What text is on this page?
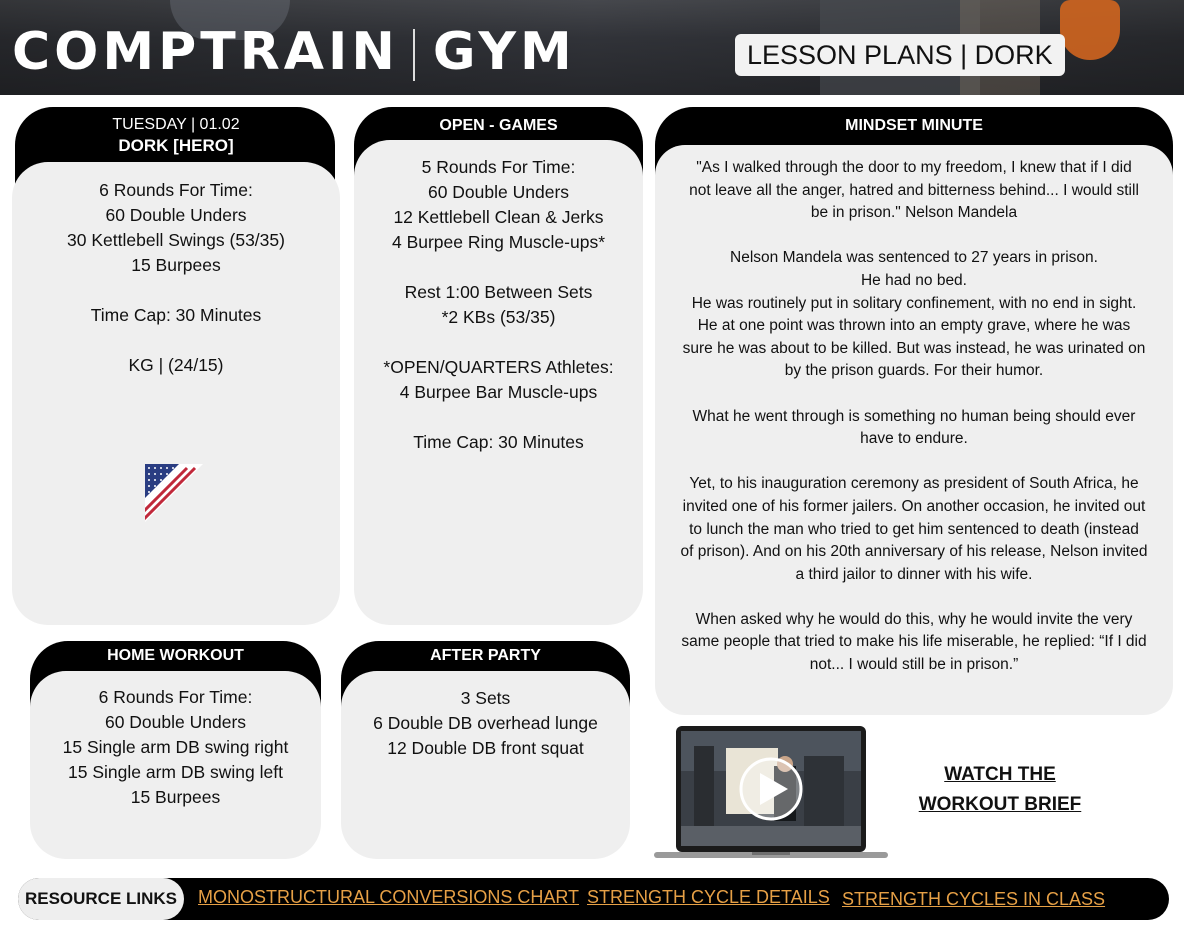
COMPTRAIN GYM	LESSON PLANS | DORK
TUESDAY | 01.02
DORK [HERO]
6 Rounds For Time:
60 Double Unders
30 Kettlebell Swings (53/35)
15 Burpees
Time Cap: 30 Minutes
KG | (24/15)
OPEN - GAMES
5 Rounds For Time:
60 Double Unders
12 Kettlebell Clean & Jerks
4 Burpee Ring Muscle-ups*
Rest 1:00 Between Sets
*2 KBs (53/35)
*OPEN/QUARTERS Athletes:
4 Burpee Bar Muscle-ups
Time Cap: 30 Minutes
MINDSET MINUTE
"As I walked through the door to my freedom, I knew that if I did
not leave all the anger, hatred and bitterness behind... I would still
be in prison." Nelson Mandela
Nelson Mandela was sentenced to 27 years in prison.
He had no bed.
He was routinely put in solitary confinement, with no end in sight.
He at one point was thrown into an empty grave, where he was
sure he was about to be killed. But was instead, he was urinated on
by the prison guards. For their humor.
What he went through is something no human being should ever
have to endure.
Yet, to his inauguration ceremony as president of South Africa, he
invited one of his former jailers. On another occasion, he invited out
to lunch the man who tried to get him sentenced to death (instead
of prison). And on his 20th anniversary of his release, Nelson invited
a third jailor to dinner with his wife.
When asked why he would do this, why he would invite the very
same people that tried to make his life miserable, he replied: “If I did
not... I would still be in prison.”
HOME WORKOUT
6 Rounds For Time:
60 Double Unders
15 Single arm DB swing right
15 Single arm DB swing left
15 Burpees
AFTER PARTY
3 Sets
6 Double DB overhead lunge
12 Double DB front squat
WATCH THE
WORKOUT BRIEF
RESOURCE LINKS	MONOSTRUCTURAL CONVERSIONS CHART STRENGTH CYCLE DETAILS STRENGTH CYCLES IN CLASS
